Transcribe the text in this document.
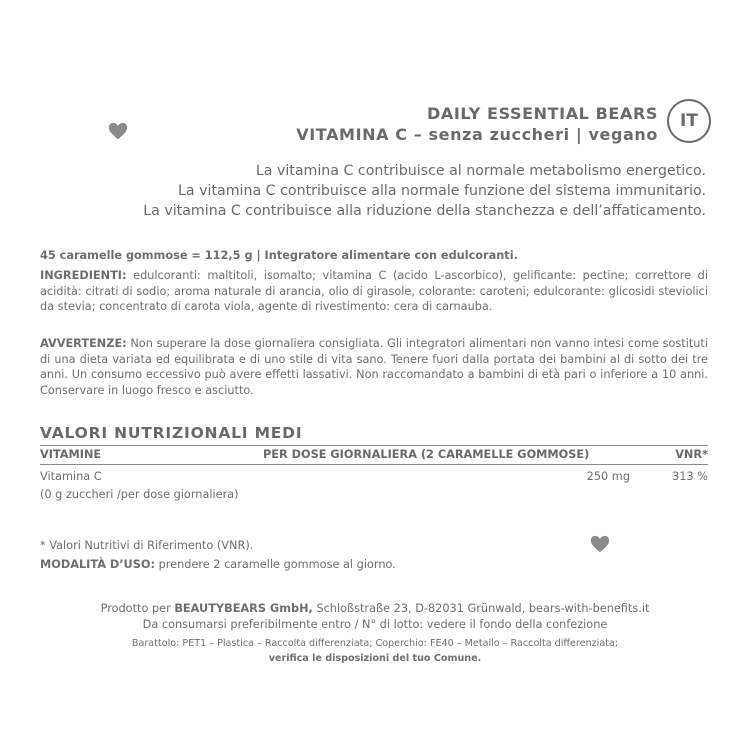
DAILY ESSENTIAL BEARS
VITAMINA C – senza zuccheri | vegano
IT
La vitamina C contribuisce al normale metabolismo energetico.
La vitamina C contribuisce alla normale funzione del sistema immunitario.
La vitamina C contribuisce alla riduzione della stanchezza e dell’affaticamento.
45 caramelle gommose = 112,5 g | Integratore alimentare con edulcoranti.
INGREDIENTI: edulcoranti: maltitoli, isomalto; vitamina C (acido L-ascorbico), gelificante: pectine; correttore di acidità: citrati di sodio; aroma naturale di arancia, olio di girasole, colorante: caroteni; edulcorante: glicosidi steviolici da stevia; concentrato di carota viola, agente di rivestimento: cera di carnauba.
AVVERTENZE: Non superare la dose giornaliera consigliata. Gli integratori alimentari non vanno intesi come sostituti di una dieta variata ed equilibrata e di uno stile di vita sano. Tenere fuori dalla portata dei bambini al di sotto dei tre anni. Un consumo eccessivo può avere effetti lassativi. Non raccomandato a bambini di età pari o inferiore a 10 anni. Conservare in luogo fresco e asciutto.
VALORI NUTRIZIONALI MEDI
VITAMINE	PER DOSE GIORNALIERA (2 CARAMELLE GOMMOSE)	VNR*
Vitamina C	250 mg	313 %
(0 g zuccheri /per dose giornaliera)
* Valori Nutritivi di Riferimento (VNR).
MODALITÀ D’USO: prendere 2 caramelle gommose al giorno.
Prodotto per BEAUTYBEARS GmbH, Schloßstraße 23, D-82031 Grünwald, bears-with-benefits.it
Da consumarsi preferibilmente entro / N° di lotto: vedere il fondo della confezione
Barattolo: PET1 – Plastica – Raccolta differenziata; Coperchio: FE40 – Metallo – Raccolta differenziata;
verifica le disposizioni del tuo Comune.
